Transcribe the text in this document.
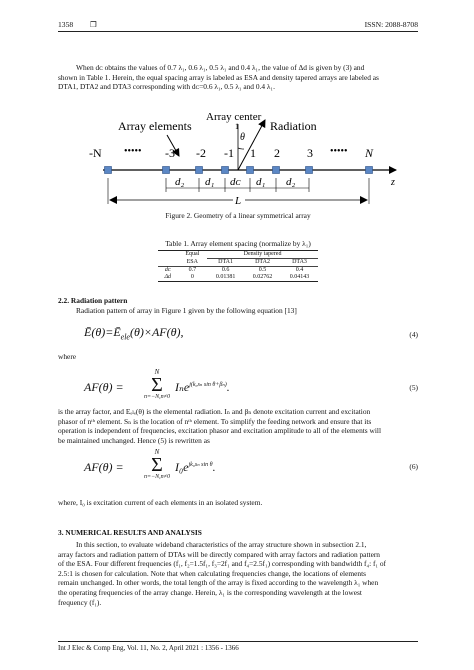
1358 ❒	ISSN: 2088-8708

When dᴄ obtains the values of 0.7 λ₁, 0.6 λ₁, 0.5 λ₁ and 0.4 λ₁, the value of Δd is given by (3) and
shown in Table 1. Herein, the equal spacing array is labeled as ESA and density tapered arrays are labeled as
DTA1, DTA2 and DTA3 corresponding with dᴄ=0.6 λ₁, 0.5 λ₁ and 0.4 λ₁.

Array elements
Array center
Radiation
1
θ
z
-N ••••• -3 -2 -1 1 2 3 ••••• N
d₂ d₁ dᴄ d₁ d₂
L
Figure 2. Geometry of a linear symmetrical array
Table 1. Array element spacing (normalize by λ₁)
	Equal	Density tapered		
	ESA	DTA1	DTA2	DTA3
dᴄ	0.7	0.6	0.5	0.4
Δd	0	0.01381	0.02762	0.04143
2.2. Radiation pattern
Radiation pattern of array in Figure 1 given by the following equation [13]
$Ē(\theta)=Ē_{ele}(\theta)\times AF(\theta)$,	(4)
where
AF(θ) =
N
Σ
n=−N,n≠0
Iₙe$^{j(k_0s_n sin \theta+\beta_n)}$.	(5)

is the array factor, and Eₑₗₑ(θ) is the elemental radiation. Iₙ and βₙ denote excitation current and excitation
phasor of nᵗʰ element. Sₙ is the location of nᵗʰ element. To simplify the feeding network and ensure that its
operation is independent of frequencies, excitation phasor and excitation amplitude to all of the elements will
be maintained unchanged. Hence (5) is rewritten as

AF(θ) =
N
Σ
n=−N,n≠0
$I_0e^{jk_0s_n sin \theta}$.	(6)
where, I₀ is excitation current of each elements in an isolated system.
3. NUMERICAL RESULTS AND ANALYSIS

In this section, to evaluate wideband characteristics of the array structure shown in subsection 2.1,
array factors and radiation pattern of DTAs will be directly compared with array factors and radiation pattern
of the ESA. Four different frequencies (f₁, f₂=1.5f₁, f₃=2f₁ and f₄=2.5f₁) corresponding with bandwidth f₄: f₁ of
2.5:1 is chosen for calculation. Note that when calculating frequencies change, the locations of elements
remain unchanged. In other words, the total length of the array is fixed according to the wavelength λ₁ when
the operating frequencies of the array change. Herein, λ₁ is the corresponding wavelength at the lowest
frequency (f₁).

Int J Elec & Comp Eng, Vol. 11, No. 2, April 2021 : 1356 - 1366
